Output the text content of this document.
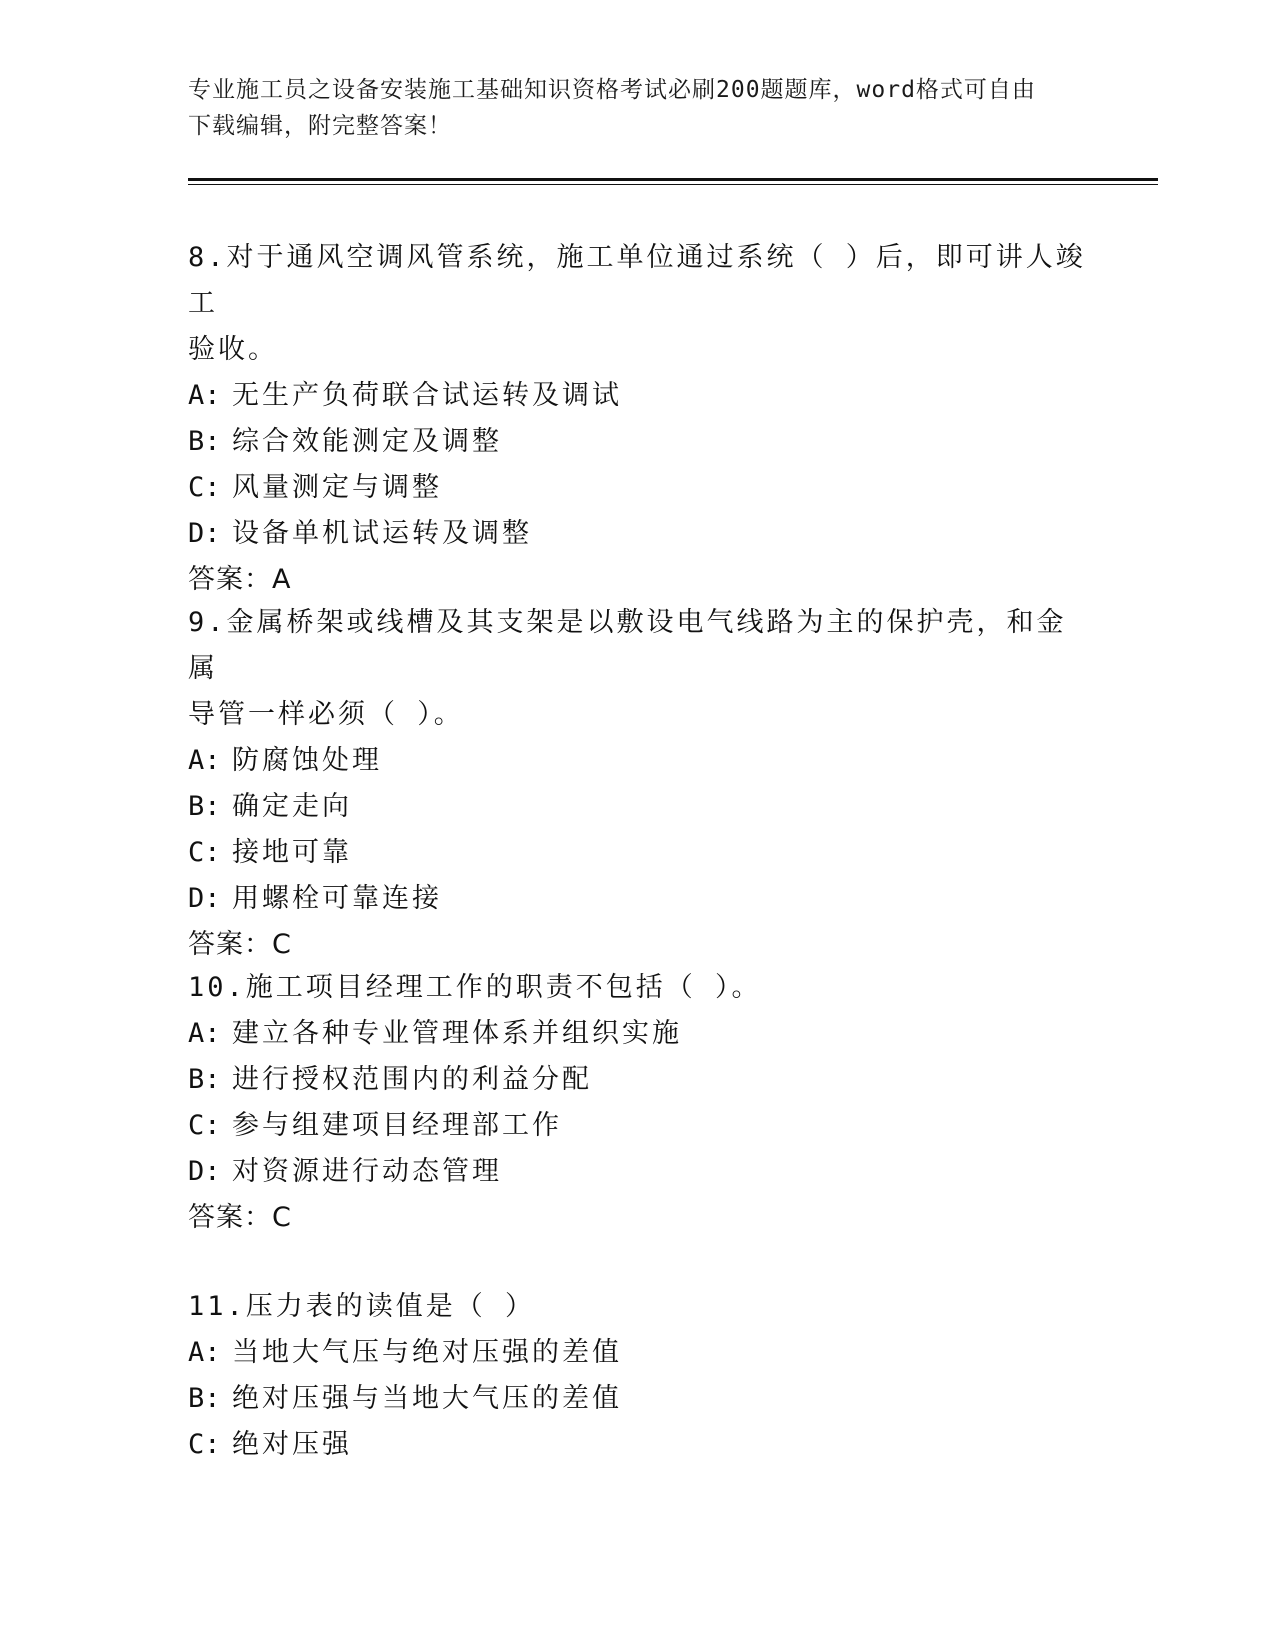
专业施工员之设备安装施工基础知识资格考试必刷200题题库，word格式可自由
下载编辑，附完整答案！

8.对于通风空调风管系统，施工单位通过系统（ ）后，即可讲人竣工

验收。

A: 无生产负荷联合试运转及调试

B: 综合效能测定及调整

C: 风量测定与调整

D: 设备单机试运转及调整

答案：A

9.金属桥架或线槽及其支架是以敷设电气线路为主的保护壳，和金属

导管一样必须（ ）。

A: 防腐蚀处理

B: 确定走向

C: 接地可靠

D: 用螺栓可靠连接

答案：C

10.施工项目经理工作的职责不包括（ ）。

A: 建立各种专业管理体系并组织实施

B: 进行授权范围内的利益分配

C: 参与组建项目经理部工作

D: 对资源进行动态管理

答案：C

11.压力表的读值是（ ）

A: 当地大气压与绝对压强的差值

B: 绝对压强与当地大气压的差值

C: 绝对压强
